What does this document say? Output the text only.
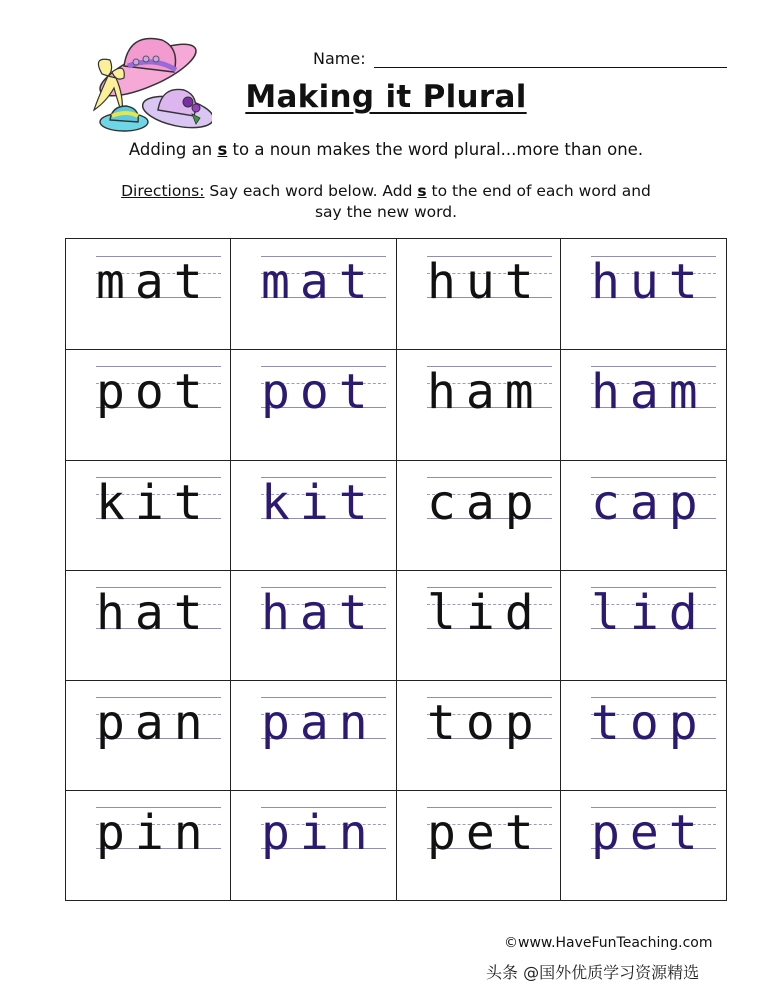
Name:
Making it Plural
Adding an s to a noun makes the word plural...more than one.
Directions: Say each word below. Add s to the end of each word and say the new word.
mat mat hut hut
pot pot ham ham
kit kit cap cap
hat hat lid lid
pan pan top top
pin pin pet pet
©www.HaveFunTeaching.com
头条 @国外优质学习资源精选
